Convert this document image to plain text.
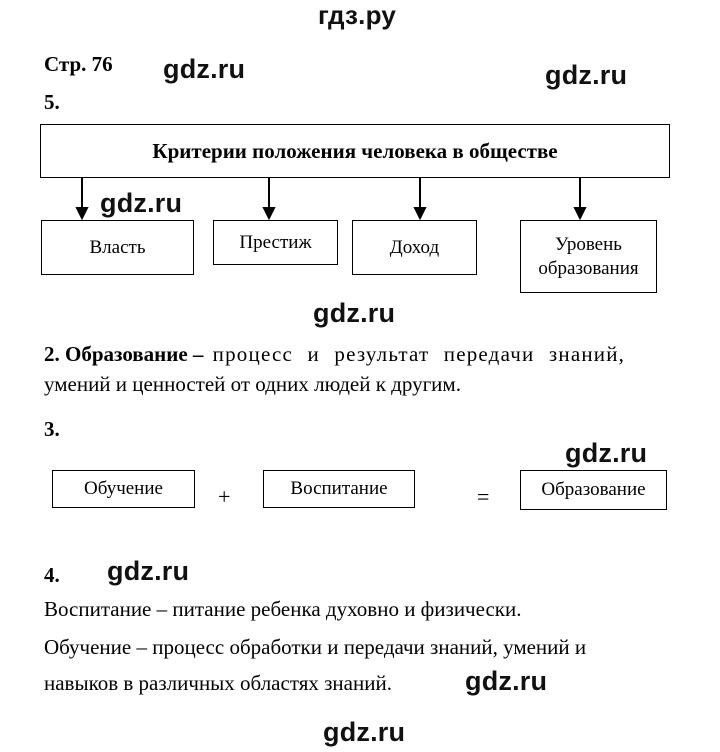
гдз.ру
Стр. 76 gdz.ru	gdz.ru
5.
Критерии положения человека в обществе
gdz.ru
Власть	Престиж	Доход	Уровень образования
gdz.ru
2. Образование – процесс и результат передачи знаний,
умений и ценностей от одних людей к другим.
3.
gdz.ru
Обучение	+	Воспитание	=	Образование
4. gdz.ru
Воспитание – питание ребенка духовно и физически.
Обучение – процесс обработки и передачи знаний, умений и
навыков в различных областях знаний.	gdz.ru
gdz.ru
